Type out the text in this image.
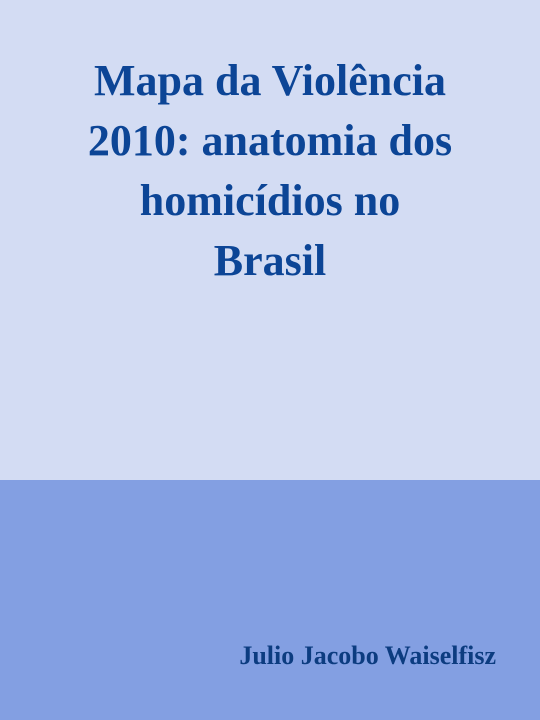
Mapa da Violência
2010: anatomia dos
homicídios no
Brasil

Julio Jacobo Waiselfisz
